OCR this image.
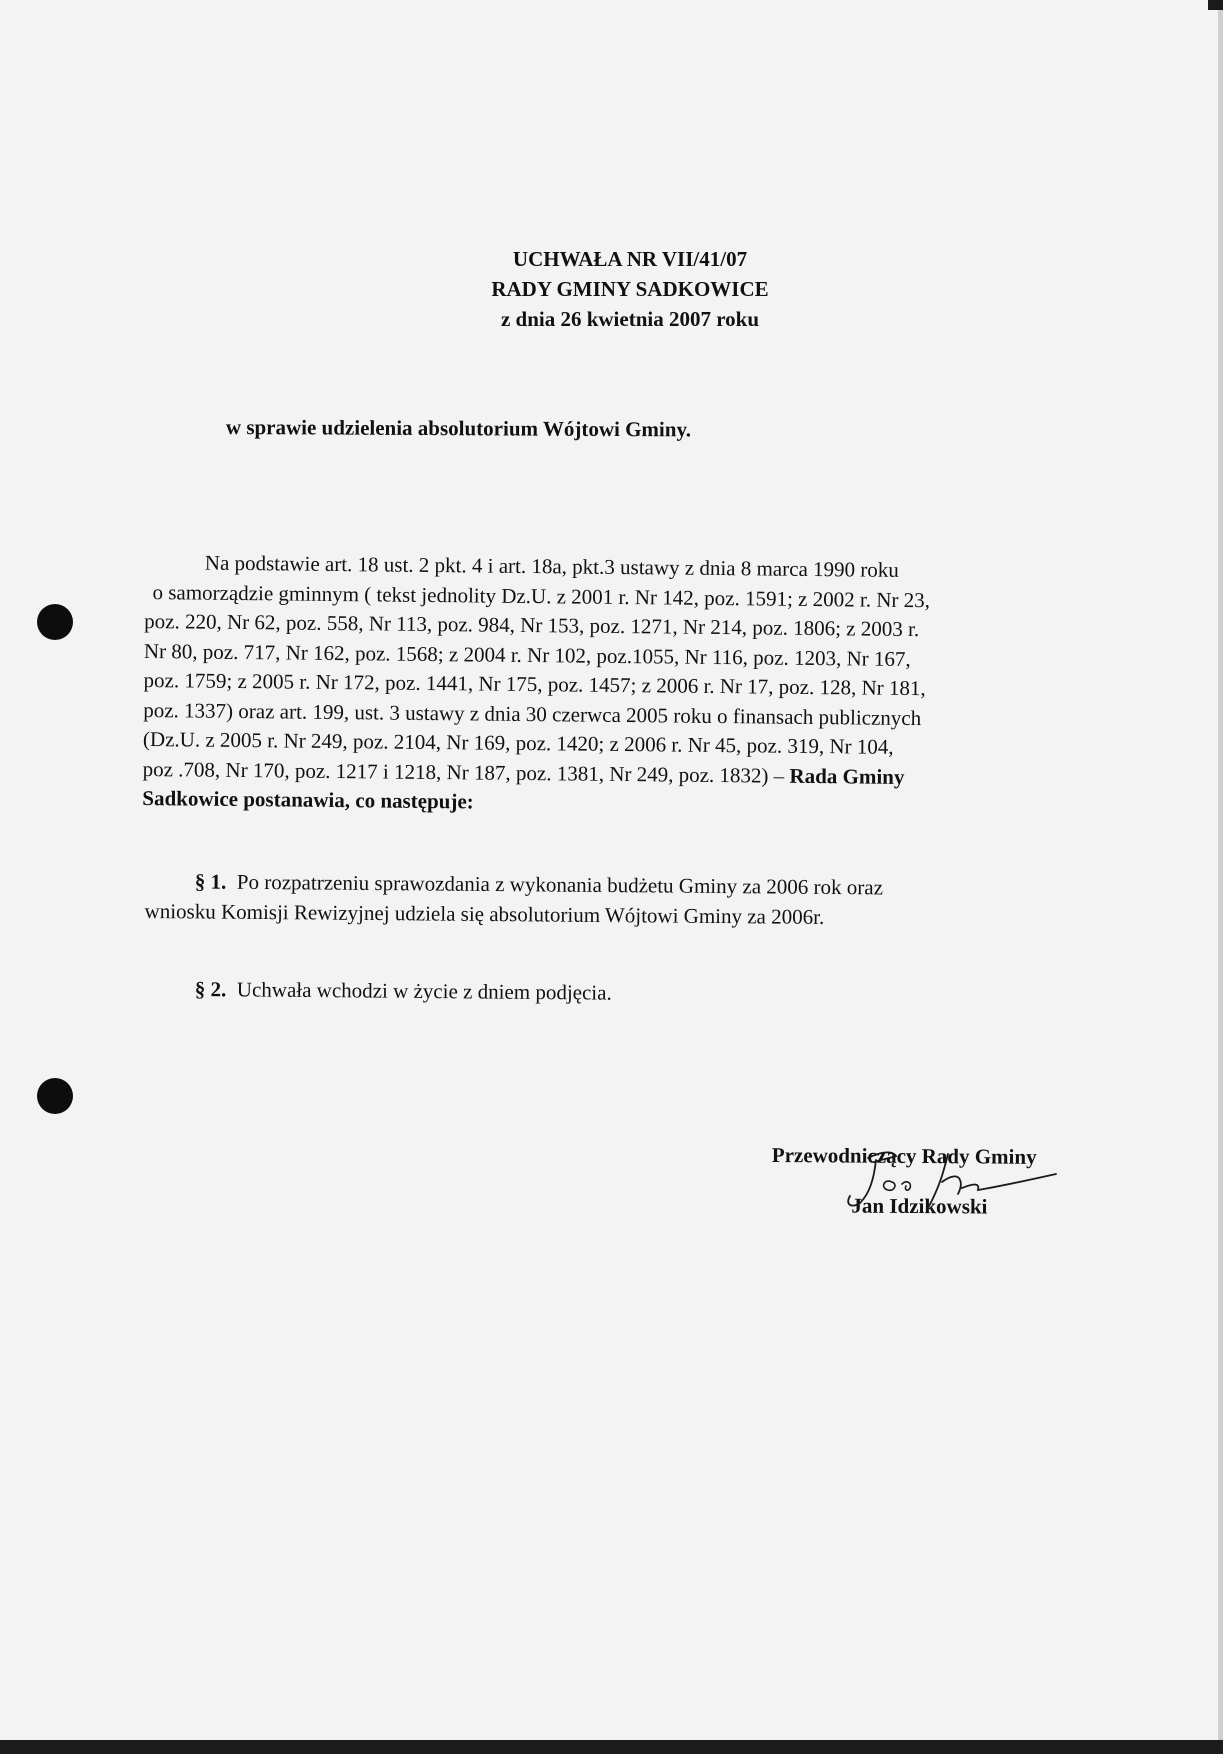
UCHWAŁA NR VII/41/07
RADY GMINY SADKOWICE
z dnia 26 kwietnia 2007 roku
w sprawie udzielenia absolutorium Wójtowi Gminy.
Na podstawie art. 18 ust. 2 pkt. 4 i art. 18a, pkt.3 ustawy z dnia 8 marca 1990 roku
o samorządzie gminnym ( tekst jednolity Dz.U. z 2001 r. Nr 142, poz. 1591; z 2002 r. Nr 23,
poz. 220, Nr 62, poz. 558, Nr 113, poz. 984, Nr 153, poz. 1271, Nr 214, poz. 1806; z 2003 r.
Nr 80, poz. 717, Nr 162, poz. 1568; z 2004 r. Nr 102, poz.1055, Nr 116, poz. 1203, Nr 167,
poz. 1759; z 2005 r. Nr 172, poz. 1441, Nr 175, poz. 1457; z 2006 r. Nr 17, poz. 128, Nr 181,
poz. 1337) oraz art. 199, ust. 3 ustawy z dnia 30 czerwca 2005 roku o finansach publicznych
(Dz.U. z 2005 r. Nr 249, poz. 2104, Nr 169, poz. 1420; z 2006 r. Nr 45, poz. 319, Nr 104,
poz .708, Nr 170, poz. 1217 i 1218, Nr 187, poz. 1381, Nr 249, poz. 1832) – Rada Gminy
Sadkowice postanawia, co następuje:
§ 1. Po rozpatrzeniu sprawozdania z wykonania budżetu Gminy za 2006 rok oraz
wniosku Komisji Rewizyjnej udziela się absolutorium Wójtowi Gminy za 2006r.
§ 2. Uchwała wchodzi w życie z dniem podjęcia.
Przewodniczący Rady Gminy
Jan Idzikowski
